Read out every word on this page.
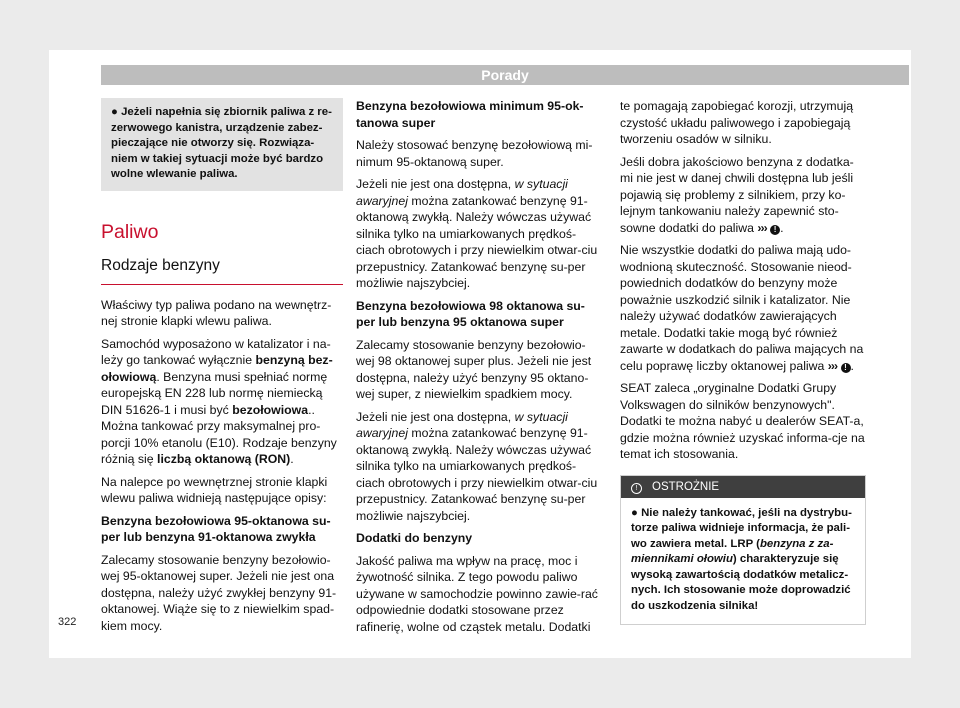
Porady
● Jeżeli napełnia się zbiornik paliwa z re-zerwowego kanistra, urządzenie zabez-pieczające nie otworzy się. Rozwiąza-niem w takiej sytuacji może być bardzo wolne wlewanie paliwa.
Paliwo
Rodzaje benzyny

Właściwy typ paliwa podano na wewnętrz-nej stronie klapki wlewu paliwa.

Samochód wyposażono w katalizator i na-leży go tankować wyłącznie benzyną bez-ołowiową. Benzyna musi spełniać normę europejską EN 228 lub normę niemiecką DIN 51626-1 i musi być bezołowiowa.. Można tankować przy maksymalnej pro-porcji 10% etanolu (E10). Rodzaje benzyny różnią się liczbą oktanową (RON).

Na nalepce po wewnętrznej stronie klapki wlewu paliwa widnieją następujące opisy:

Benzyna bezołowiowa 95-oktanowa su-per lub benzyna 91-oktanowa zwykła

Zalecamy stosowanie benzyny bezołowio-wej 95-oktanowej super. Jeżeli nie jest ona dostępna, należy użyć zwykłej benzyny 91-oktanowej. Wiąże się to z niewielkim spad-kiem mocy.

Benzyna bezołowiowa minimum 95-ok-tanowa super

Należy stosować benzynę bezołowiową mi-nimum 95-oktanową super.

Jeżeli nie jest ona dostępna, w sytuacji awaryjnej można zatankować benzynę 91-oktanową zwykłą. Należy wówczas używać silnika tylko na umiarkowanych prędkoś-ciach obrotowych i przy niewielkim otwar-ciu przepustnicy. Zatankować benzynę su-per możliwie najszybciej.

Benzyna bezołowiowa 98 oktanowa su-per lub benzyna 95 oktanowa super

Zalecamy stosowanie benzyny bezołowio-wej 98 oktanowej super plus. Jeżeli nie jest dostępna, należy użyć benzyny 95 oktano-wej super, z niewielkim spadkiem mocy.

Jeżeli nie jest ona dostępna, w sytuacji awaryjnej można zatankować benzynę 91-oktanową zwykłą. Należy wówczas używać silnika tylko na umiarkowanych prędkoś-ciach obrotowych i przy niewielkim otwar-ciu przepustnicy. Zatankować benzynę su-per możliwie najszybciej.

Dodatki do benzyny

Jakość paliwa ma wpływ na pracę, moc i żywotność silnika. Z tego powodu paliwo używane w samochodzie powinno zawie-rać odpowiednie dodatki stosowane przez rafinerię, wolne od cząstek metalu. Dodatki

te pomagają zapobiegać korozji, utrzymują czystość układu paliwowego i zapobiegają tworzeniu osadów w silniku.

Jeśli dobra jakościowo benzyna z dodatka-mi nie jest w danej chwili dostępna lub jeśli pojawią się problemy z silnikiem, przy ko-lejnym tankowaniu należy zapewnić sto-sowne dodatki do paliwa ››› ! .

Nie wszystkie dodatki do paliwa mają udo-wodnioną skuteczność. Stosowanie nieod-powiednich dodatków do benzyny może poważnie uszkodzić silnik i katalizator. Nie należy używać dodatków zawierających metale. Dodatki takie mogą być również zawarte w dodatkach do paliwa mających na celu poprawę liczby oktanowej paliwa ››› ! .

SEAT zaleca „oryginalne Dodatki Grupy Volkswagen do silników benzynowych". Dodatki te można nabyć u dealerów SEAT-a, gdzie można również uzyskać informa-cje na temat ich stosowania.

! OSTROŻNIE
● Nie należy tankować, jeśli na dystrybu-torze paliwa widnieje informacja, że pali-wo zawiera metal. LRP (benzyna z za-miennikami ołowiu) charakteryzuje się wysoką zawartością dodatków metalicz-nych. Ich stosowanie może doprowadzić do uszkodzenia silnika!
322
